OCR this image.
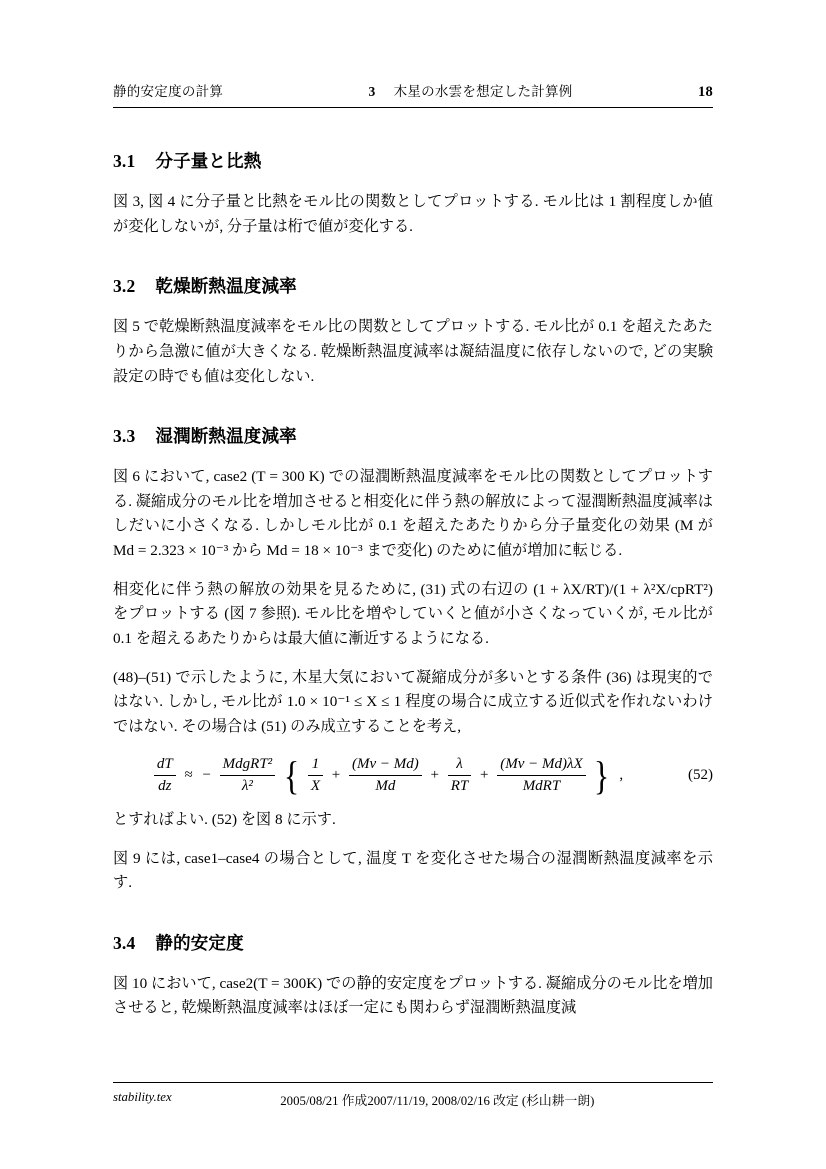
静的安定度の計算	3 木星の水雲を想定した計算例	18
3.1 分子量と比熱

図 3, 図 4 に分子量と比熱をモル比の関数としてプロットする. モル比は 1 割程度しか値が変化しないが, 分子量は桁で値が変化する.

3.2 乾燥断熱温度減率

図 5 で乾燥断熱温度減率をモル比の関数としてプロットする. モル比が 0.1 を超えたあたりから急激に値が大きくなる. 乾燥断熱温度減率は凝結温度に依存しないので, どの実験設定の時でも値は変化しない.

3.3 湿潤断熱温度減率

図 6 において, case2 (T = 300 K) での湿潤断熱温度減率をモル比の関数としてプロットする. 凝縮成分のモル比を増加させると相変化に伴う熱の解放によって湿潤断熱温度減率はしだいに小さくなる. しかしモル比が 0.1 を超えたあたりから分子量変化の効果 (M が Md = 2.323 × 10⁻³ から Md = 18 × 10⁻³ まで変化) のために値が増加に転じる.

相変化に伴う熱の解放の効果を見るために, (31) 式の右辺の (1 + λX/RT)/(1 + λ²X/cpRT²) をプロットする (図 7 参照). モル比を増やしていくと値が小さくなっていくが, モル比が 0.1 を超えるあたりからは最大値に漸近するようになる.

(48)–(51) で示したように, 木星大気において凝縮成分が多いとする条件 (36) は現実的ではない. しかし, モル比が 1.0 × 10⁻¹ ≤ X ≤ 1 程度の場合に成立する近似式を作れないわけではない. その場合は (51) のみ成立することを考え,

$\frac{dT}{dz}$ ≈ − $\frac{\text{MdgRT²}}{\text{λ²}}$ { $\frac{1}{X} + \frac{(Mv - Md)}{Md} + \frac{\lambda}{RT} + \frac{(Mv - Md)\lambda X}{\text{MdRT}}$ } ,	(52)

とすればよい. (52) を図 8 に示す.

図 9 には, case1–case4 の場合として, 温度 T を変化させた場合の湿潤断熱温度減率を示す.

3.4 静的安定度

図 10 において, case2(T = 300K) での静的安定度をプロットする. 凝縮成分のモル比を増加させると, 乾燥断熱温度減率はほぼ一定にも関わらず湿潤断熱温度減

stability.tex	2005/08/21 作成2007/11/19, 2008/02/16 改定 (杉山耕一朗)
